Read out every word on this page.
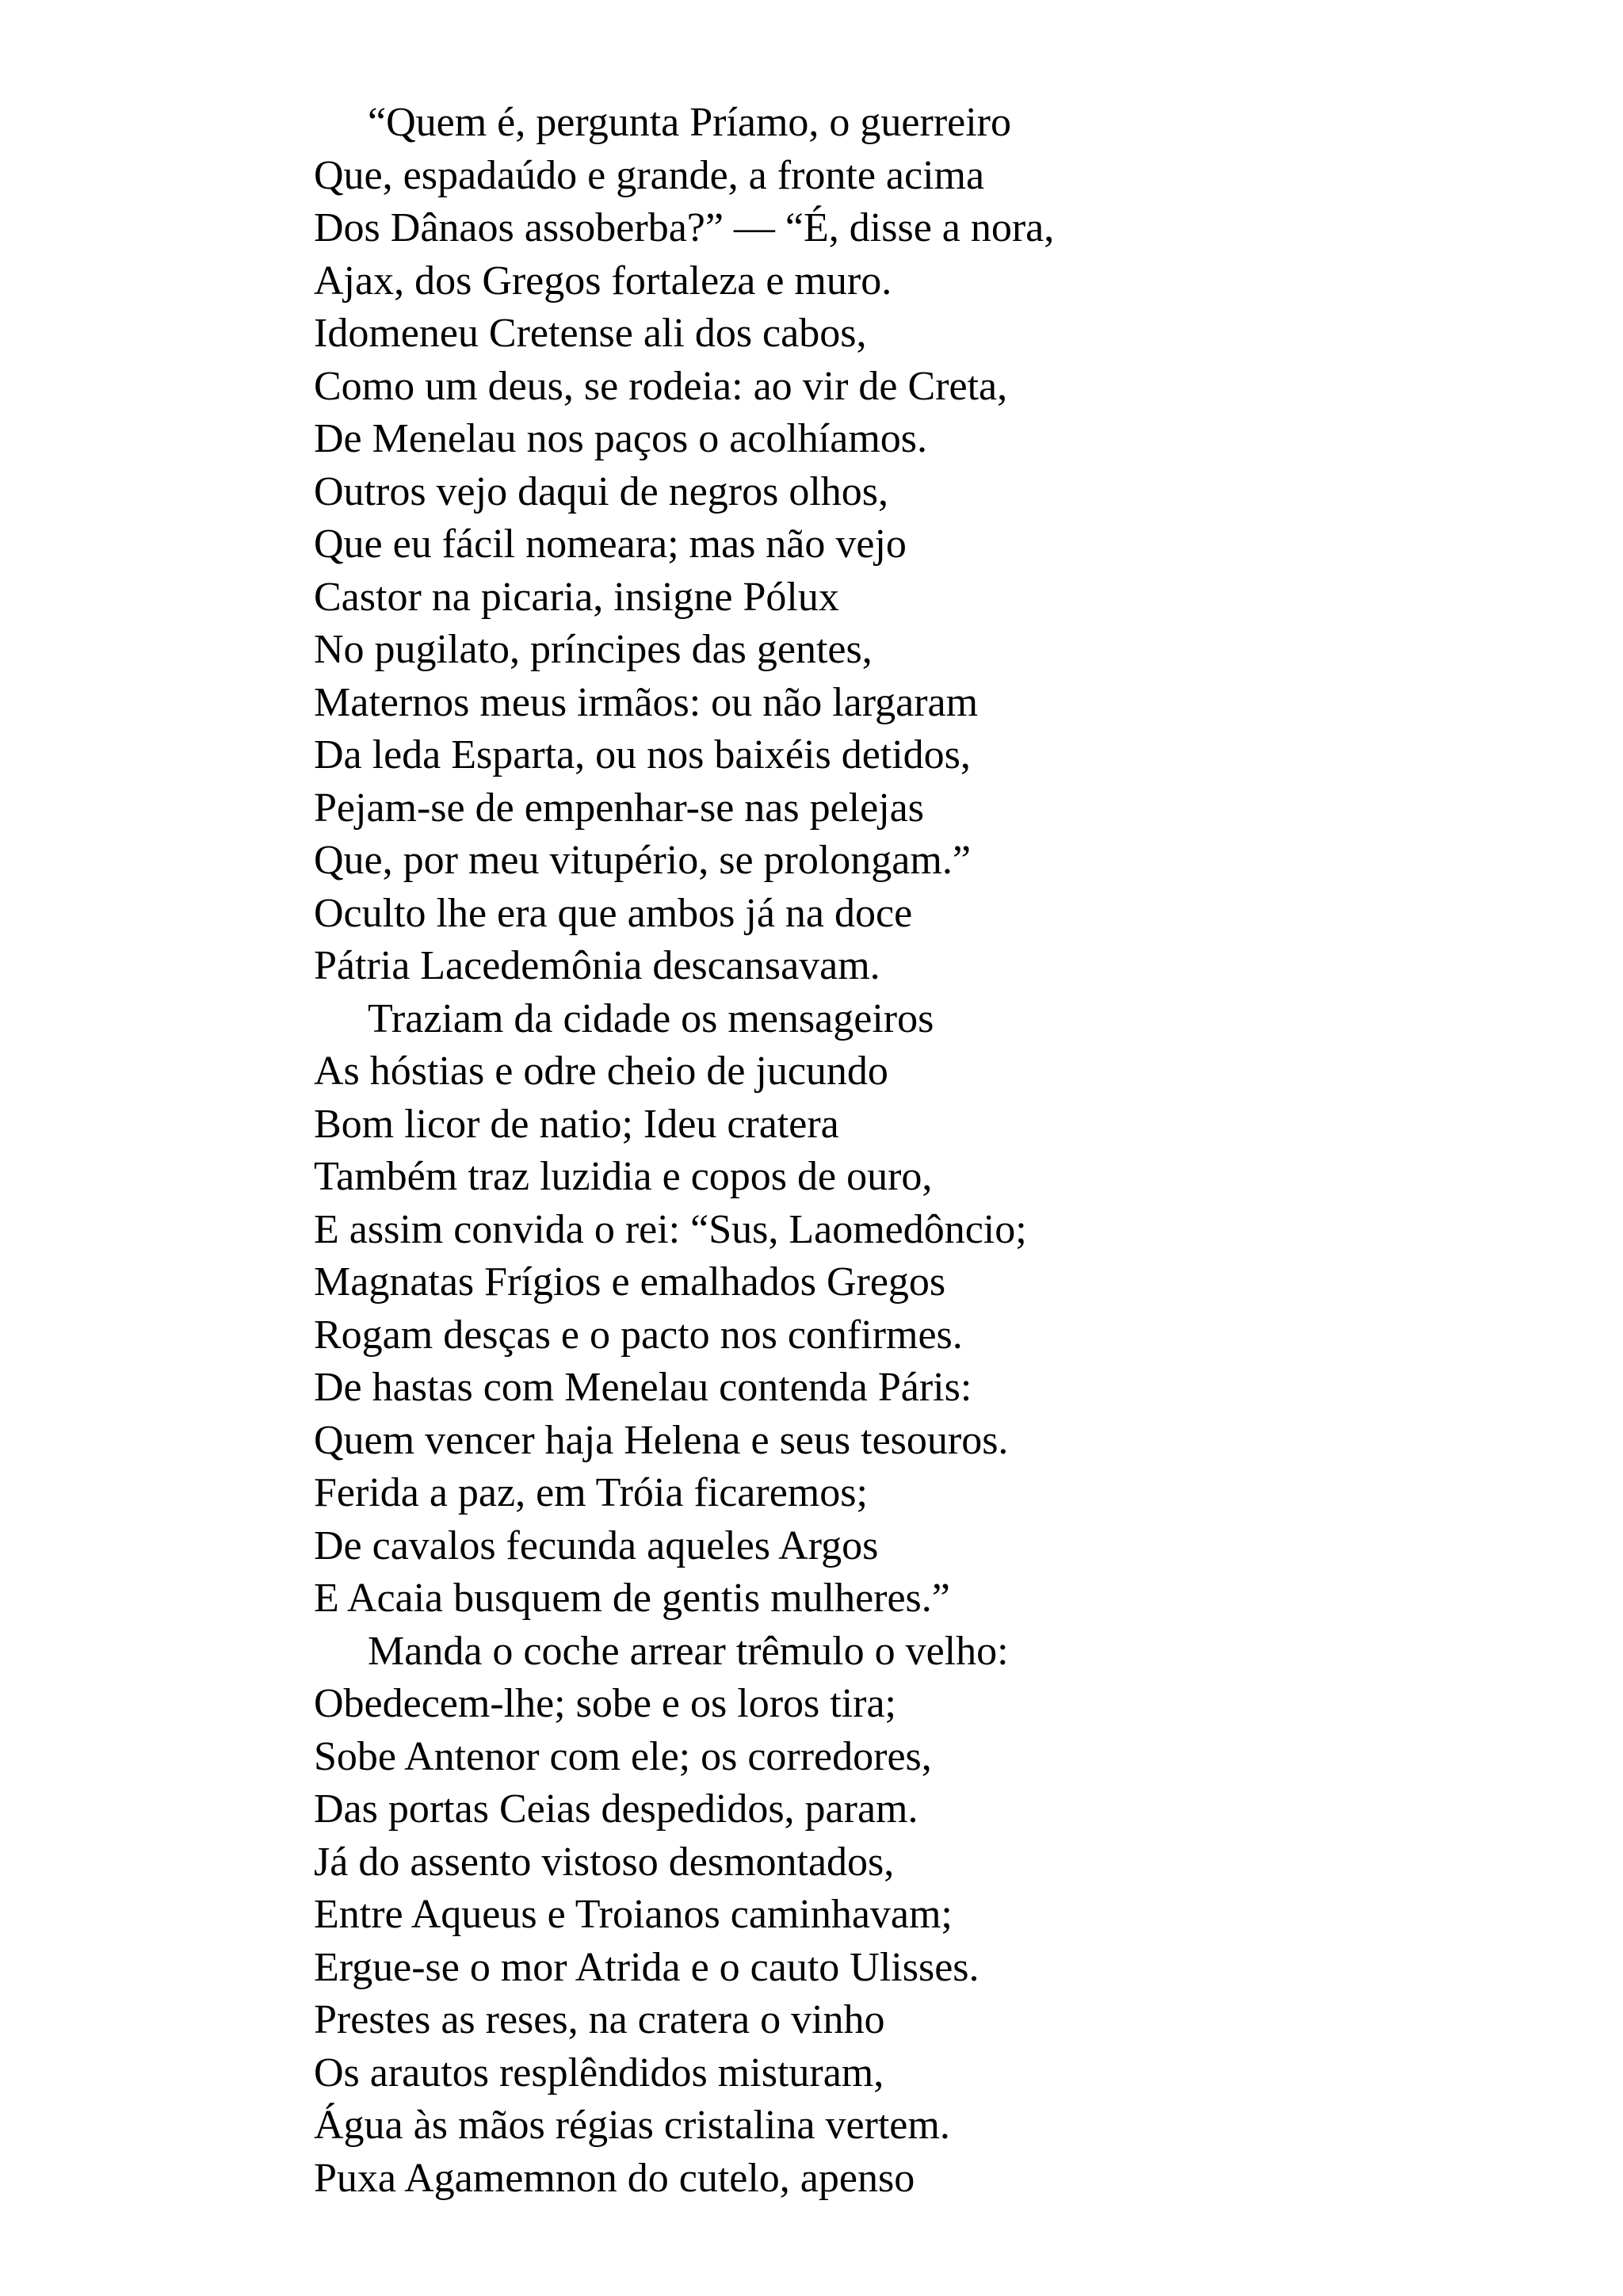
“Quem é, pergunta Príamo, o guerreiro
Que, espadaúdo e grande, a fronte acima
Dos Dânaos assoberba?” — “É, disse a nora,
Ajax, dos Gregos fortaleza e muro.
Idomeneu Cretense ali dos cabos,
Como um deus, se rodeia: ao vir de Creta,
De Menelau nos paços o acolhíamos.
Outros vejo daqui de negros olhos,
Que eu fácil nomeara; mas não vejo
Castor na picaria, insigne Pólux
No pugilato, príncipes das gentes,
Maternos meus irmãos: ou não largaram
Da leda Esparta, ou nos baixéis detidos,
Pejam-se de empenhar-se nas pelejas
Que, por meu vitupério, se prolongam.”
Oculto lhe era que ambos já na doce
Pátria Lacedemônia descansavam.
Traziam da cidade os mensageiros
As hóstias e odre cheio de jucundo
Bom licor de natio; Ideu cratera
Também traz luzidia e copos de ouro,
E assim convida o rei: “Sus, Laomedôncio;
Magnatas Frígios e emalhados Gregos
Rogam desças e o pacto nos confirmes.
De hastas com Menelau contenda Páris:
Quem vencer haja Helena e seus tesouros.
Ferida a paz, em Tróia ficaremos;
De cavalos fecunda aqueles Argos
E Acaia busquem de gentis mulheres.”
Manda o coche arrear trêmulo o velho:
Obedecem-lhe; sobe e os loros tira;
Sobe Antenor com ele; os corredores,
Das portas Ceias despedidos, param.
Já do assento vistoso desmontados,
Entre Aqueus e Troianos caminhavam;
Ergue-se o mor Atrida e o cauto Ulisses.
Prestes as reses, na cratera o vinho
Os arautos resplêndidos misturam,
Água às mãos régias cristalina vertem.
Puxa Agamemnon do cutelo, apenso
